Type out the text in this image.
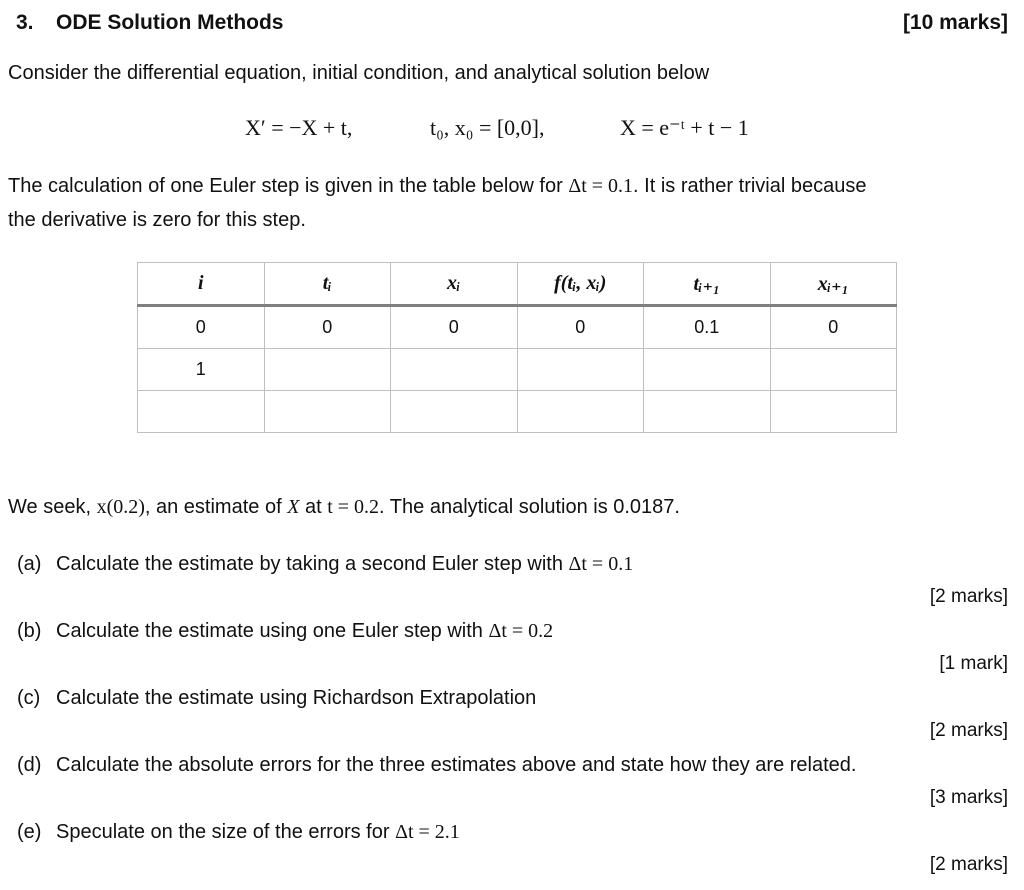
3. ODE Solution Methods	[10 marks]
Consider the differential equation, initial condition, and analytical solution below
X′ = −X + t,	t₀, x₀ = [0,0],	X = e⁻ᵗ + t − 1
The calculation of one Euler step is given in the table below for Δt = 0.1. It is rather trivial because
the derivative is zero for this step.
i	tᵢ	xᵢ	f(tᵢ, xᵢ)	tᵢ₊₁	xᵢ₊₁
0	0	0	0	0.1	0
1					

We seek, x(0.2), an estimate of X at t = 0.2. The analytical solution is 0.0187.
(a) Calculate the estimate by taking a second Euler step with Δt = 0.1
[2 marks]
(b) Calculate the estimate using one Euler step with Δt = 0.2
[1 mark]
(c) Calculate the estimate using Richardson Extrapolation
[2 marks]
(d) Calculate the absolute errors for the three estimates above and state how they are related.
[3 marks]
(e) Speculate on the size of the errors for Δt = 2.1
[2 marks]
